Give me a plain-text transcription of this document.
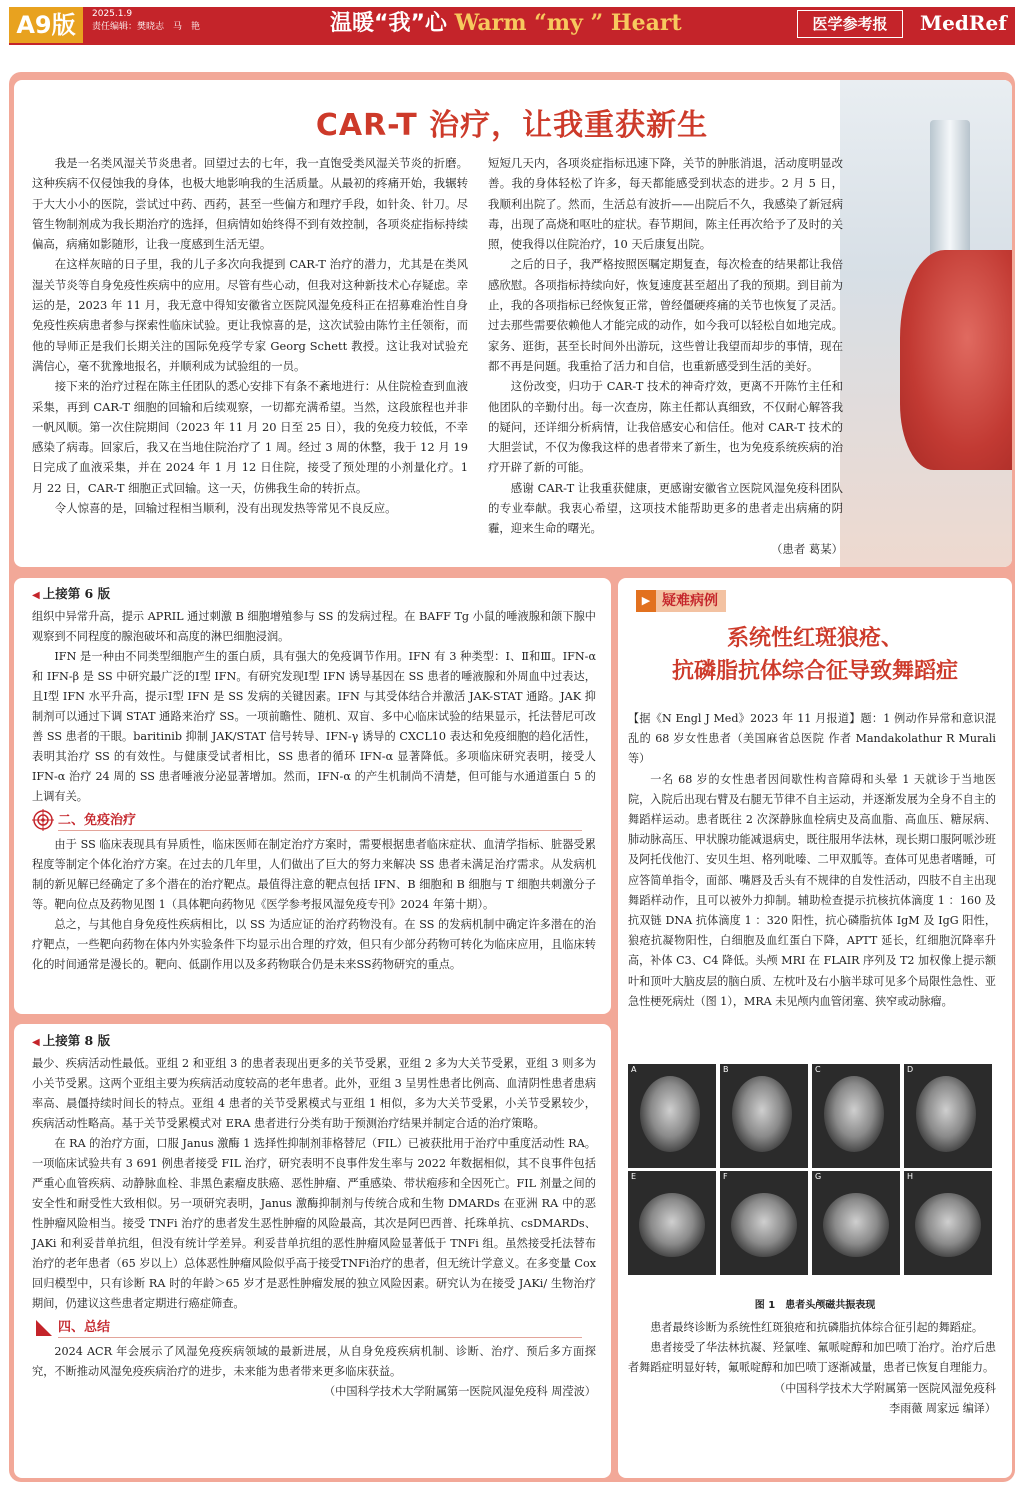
A9版	2025.1.9
责任编辑：樊晓志　马　艳	温暖“我”心 Warm “my ” Heart	医学参考报	MedRef
CAR-T 治疗，让我重获新生

我是一名类风湿关节炎患者。回望过去的七年，我一直饱受类风湿关节炎的折磨。这种疾病不仅侵蚀我的身体，也极大地影响我的生活质量。从最初的疼痛开始，我辗转于大大小小的医院，尝试过中药、西药，甚至一些偏方和理疗手段，如针灸、针刀。尽管生物制剂成为我长期治疗的选择，但病情如始终得不到有效控制，各项炎症指标持续偏高，病痛如影随形，让我一度感到生活无望。

在这样灰暗的日子里，我的儿子多次向我提到 CAR-T 治疗的潜力，尤其是在类风湿关节炎等自身免疫性疾病中的应用。尽管有些心动，但我对这种新技术心存疑虑。幸运的是，2023 年 11 月，我无意中得知安徽省立医院风湿免疫科正在招募难治性自身免疫性疾病患者参与探索性临床试验。更让我惊喜的是，这次试验由陈竹主任领衔，而他的导师正是我们长期关注的国际免疫学专家 Georg Schett 教授。这让我对试验充满信心，毫不犹豫地报名，并顺利成为试验组的一员。

接下来的治疗过程在陈主任团队的悉心安排下有条不紊地进行：从住院检查到血液采集，再到 CAR-T 细胞的回输和后续观察，一切都充满希望。当然，这段旅程也并非一帆风顺。第一次住院期间（2023 年 11 月 20 日至 25 日），我的免疫力较低，不幸感染了病毒。回家后，我又在当地住院治疗了 1 周。经过 3 周的休整，我于 12 月 19 日完成了血液采集，并在 2024 年 1 月 12 日住院，接受了预处理的小剂量化疗。1 月 22 日，CAR-T 细胞正式回输。这一天，仿佛我生命的转折点。

令人惊喜的是，回输过程相当顺利，没有出现发热等常见不良反应。

短短几天内，各项炎症指标迅速下降，关节的肿胀消退，活动度明显改善。我的身体轻松了许多，每天都能感受到状态的进步。2 月 5 日，我顺利出院了。然而，生活总有波折——出院后不久，我感染了新冠病毒，出现了高烧和呕吐的症状。春节期间，陈主任再次给予了及时的关照，使我得以住院治疗，10 天后康复出院。

之后的日子，我严格按照医嘱定期复查，每次检查的结果都让我倍感欣慰。各项指标持续向好，恢复速度甚至超出了我的预期。到目前为止，我的各项指标已经恢复正常，曾经僵硬疼痛的关节也恢复了灵活。过去那些需要依赖他人才能完成的动作，如今我可以轻松自如地完成。家务、逛街，甚至长时间外出游玩，这些曾让我望而却步的事情，现在都不再是问题。我重拾了活力和自信，也重新感受到生活的美好。

这份改变，归功于 CAR-T 技术的神奇疗效，更离不开陈竹主任和他团队的辛勤付出。每一次查房，陈主任都认真细致，不仅耐心解答我的疑问，还详细分析病情，让我倍感安心和信任。他对 CAR-T 技术的大胆尝试，不仅为像我这样的患者带来了新生，也为免疫系统疾病的治疗开辟了新的可能。

感谢 CAR-T 让我重获健康，更感谢安徽省立医院风湿免疫科团队的专业奉献。我衷心希望，这项技术能帮助更多的患者走出病痛的阴霾，迎来生命的曙光。

（患者 葛某）

◀ 上接第 6 版

组织中异常升高，提示 APRIL 通过刺激 B 细胞增殖参与 SS 的发病过程。在 BAFF Tg 小鼠的唾液腺和颌下腺中观察到不同程度的腺泡破坏和高度的淋巴细胞浸润。

IFN 是一种由不同类型细胞产生的蛋白质，具有强大的免疫调节作用。IFN 有 3 种类型：Ⅰ、Ⅱ和Ⅲ。IFN-α 和 IFN-β 是 SS 中研究最广泛的Ⅰ型 IFN。有研究发现Ⅰ型 IFN 诱导基因在 SS 患者的唾液腺和外周血中过表达，且Ⅰ型 IFN 水平升高，提示Ⅰ型 IFN 是 SS 发病的关键因素。IFN 与其受体结合并激活 JAK-STAT 通路。JAK 抑制剂可以通过下调 STAT 通路来治疗 SS。一项前瞻性、随机、双盲、多中心临床试验的结果显示，托法替尼可改善 SS 患者的干眼。baritinib 抑制 JAK/STAT 信号转导、IFN-γ 诱导的 CXCL10 表达和免疫细胞的趋化活性，表明其治疗 SS 的有效性。与健康受试者相比，SS 患者的循环 IFN-α 显著降低。多项临床研究表明，接受人 IFN-α 治疗 24 周的 SS 患者唾液分泌显著增加。然而，IFN-α 的产生机制尚不清楚，但可能与水通道蛋白 5 的上调有关。

二、免疫治疗

由于 SS 临床表现具有异质性，临床医师在制定治疗方案时，需要根据患者临床症状、血清学指标、脏器受累程度等制定个体化治疗方案。在过去的几年里，人们做出了巨大的努力来解决 SS 患者未满足治疗需求。从发病机制的新见解已经确定了多个潜在的治疗靶点。最值得注意的靶点包括 IFN、B 细胞和 B 细胞与 T 细胞共刺激分子等。靶向位点及药物见图 1（具体靶向药物见《医学参考报风湿免疫专刊》2024 年第十期）。

总之，与其他自身免疫性疾病相比，以 SS 为适应证的治疗药物没有。在 SS 的发病机制中确定许多潜在的治疗靶点，一些靶向药物在体内外实验条件下均显示出合理的疗效，但只有少部分药物可转化为临床应用，且临床转化的时间通常是漫长的。靶向、低副作用以及多药物联合仍是未来SS药物研究的重点。

◀ 上接第 8 版

最少、疾病活动性最低。亚组 2 和亚组 3 的患者表现出更多的关节受累，亚组 2 多为大关节受累，亚组 3 则多为小关节受累。这两个亚组主要为疾病活动度较高的老年患者。此外，亚组 3 呈男性患者比例高、血清阴性患者患病率高、晨僵持续时间长的特点。亚组 4 患者的关节受累模式与亚组 1 相似，多为大关节受累，小关节受累较少，疾病活动性略高。基于关节受累模式对 ERA 患者进行分类有助于预测治疗结果并制定合适的治疗策略。

在 RA 的治疗方面，口服 Janus 激酶 1 选择性抑制剂菲格替尼（FIL）已被获批用于治疗中重度活动性 RA。一项临床试验共有 3 691 例患者接受 FIL 治疗，研究表明不良事件发生率与 2022 年数据相似，其不良事件包括严重心血管疾病、动静脉血栓、非黑色素瘤皮肤癌、恶性肿瘤、严重感染、带状疱疹和全因死亡。FIL 剂量之间的安全性和耐受性大致相似。另一项研究表明，Janus 激酶抑制剂与传统合成和生物 DMARDs 在亚洲 RA 中的恶性肿瘤风险相当。接受 TNFi 治疗的患者发生恶性肿瘤的风险最高，其次是阿巴西普、托珠单抗、csDMARDs、JAKi 和利妥昔单抗组，但没有统计学差异。利妥昔单抗组的恶性肿瘤风险显著低于 TNFi 组。虽然接受托法替布治疗的老年患者（65 岁以上）总体恶性肿瘤风险似乎高于接受TNFi治疗的患者，但无统计学意义。在多变量 Cox 回归模型中，只有诊断 RA 时的年龄＞65 岁才是恶性肿瘤发展的独立风险因素。研究认为在接受 JAKi/ 生物治疗期间，仍建议这些患者定期进行癌症筛查。

四、总结

2024 ACR 年会展示了风湿免疫疾病领域的最新进展，从自身免疫疾病机制、诊断、治疗、预后多方面探究，不断推动风湿免疫疾病治疗的进步，未来能为患者带来更多临床获益。

（中国科学技术大学附属第一医院风湿免疫科 周滢波）

▶ 疑难病例
系统性红斑狼疮、
抗磷脂抗体综合征导致舞蹈症

【据《N Engl J Med》2023 年 11 月报道】题：1 例动作异常和意识混乱的 68 岁女性患者（美国麻省总医院 作者 Mandakolathur R Murali 等）

一名 68 岁的女性患者因间歇性构音障碍和头晕 1 天就诊于当地医院，入院后出现右臂及右腿无节律不自主运动，并逐渐发展为全身不自主的舞蹈样运动。患者既往 2 次深静脉血栓病史及高血脂、高血压、糖尿病、肺动脉高压、甲状腺功能减退病史，既往服用华法林，现长期口服阿哌沙班及阿托伐他汀、安贝生坦、格列吡嗪、二甲双胍等。查体可见患者嗜睡，可应答简单指令，面部、嘴唇及舌头有不规律的自发性活动，四肢不自主出现舞蹈样动作，且可以被外力抑制。辅助检查提示抗核抗体滴度 1 ：160 及抗双链 DNA 抗体滴度 1 ：320 阳性，抗心磷脂抗体 IgM 及 IgG 阳性，狼疮抗凝物阳性，白细胞及血红蛋白下降，APTT 延长，红细胞沉降率升高，补体 C3、C4 降低。头颅 MRI 在 FLAIR 序列及 T2 加权像上提示额叶和顶叶大脑皮层的脑白质、左枕叶及右小脑半球可见多个局限性急性、亚急性梗死病灶（图 1），MRA 未见颅内血管闭塞、狭窄或动脉瘤。

A	B	C	D
E	F	G	H
图 1　患者头颅磁共振表现

患者最终诊断为系统性红斑狼疮和抗磷脂抗体综合征引起的舞蹈症。

患者接受了华法林抗凝、羟氯喹、氟哌啶醇和加巴喷丁治疗。治疗后患者舞蹈症明显好转，氟哌啶醇和加巴喷丁逐渐减量，患者已恢复自理能力。

（中国科学技术大学附属第一医院风湿免疫科

李雨薇 周家远 编译）
